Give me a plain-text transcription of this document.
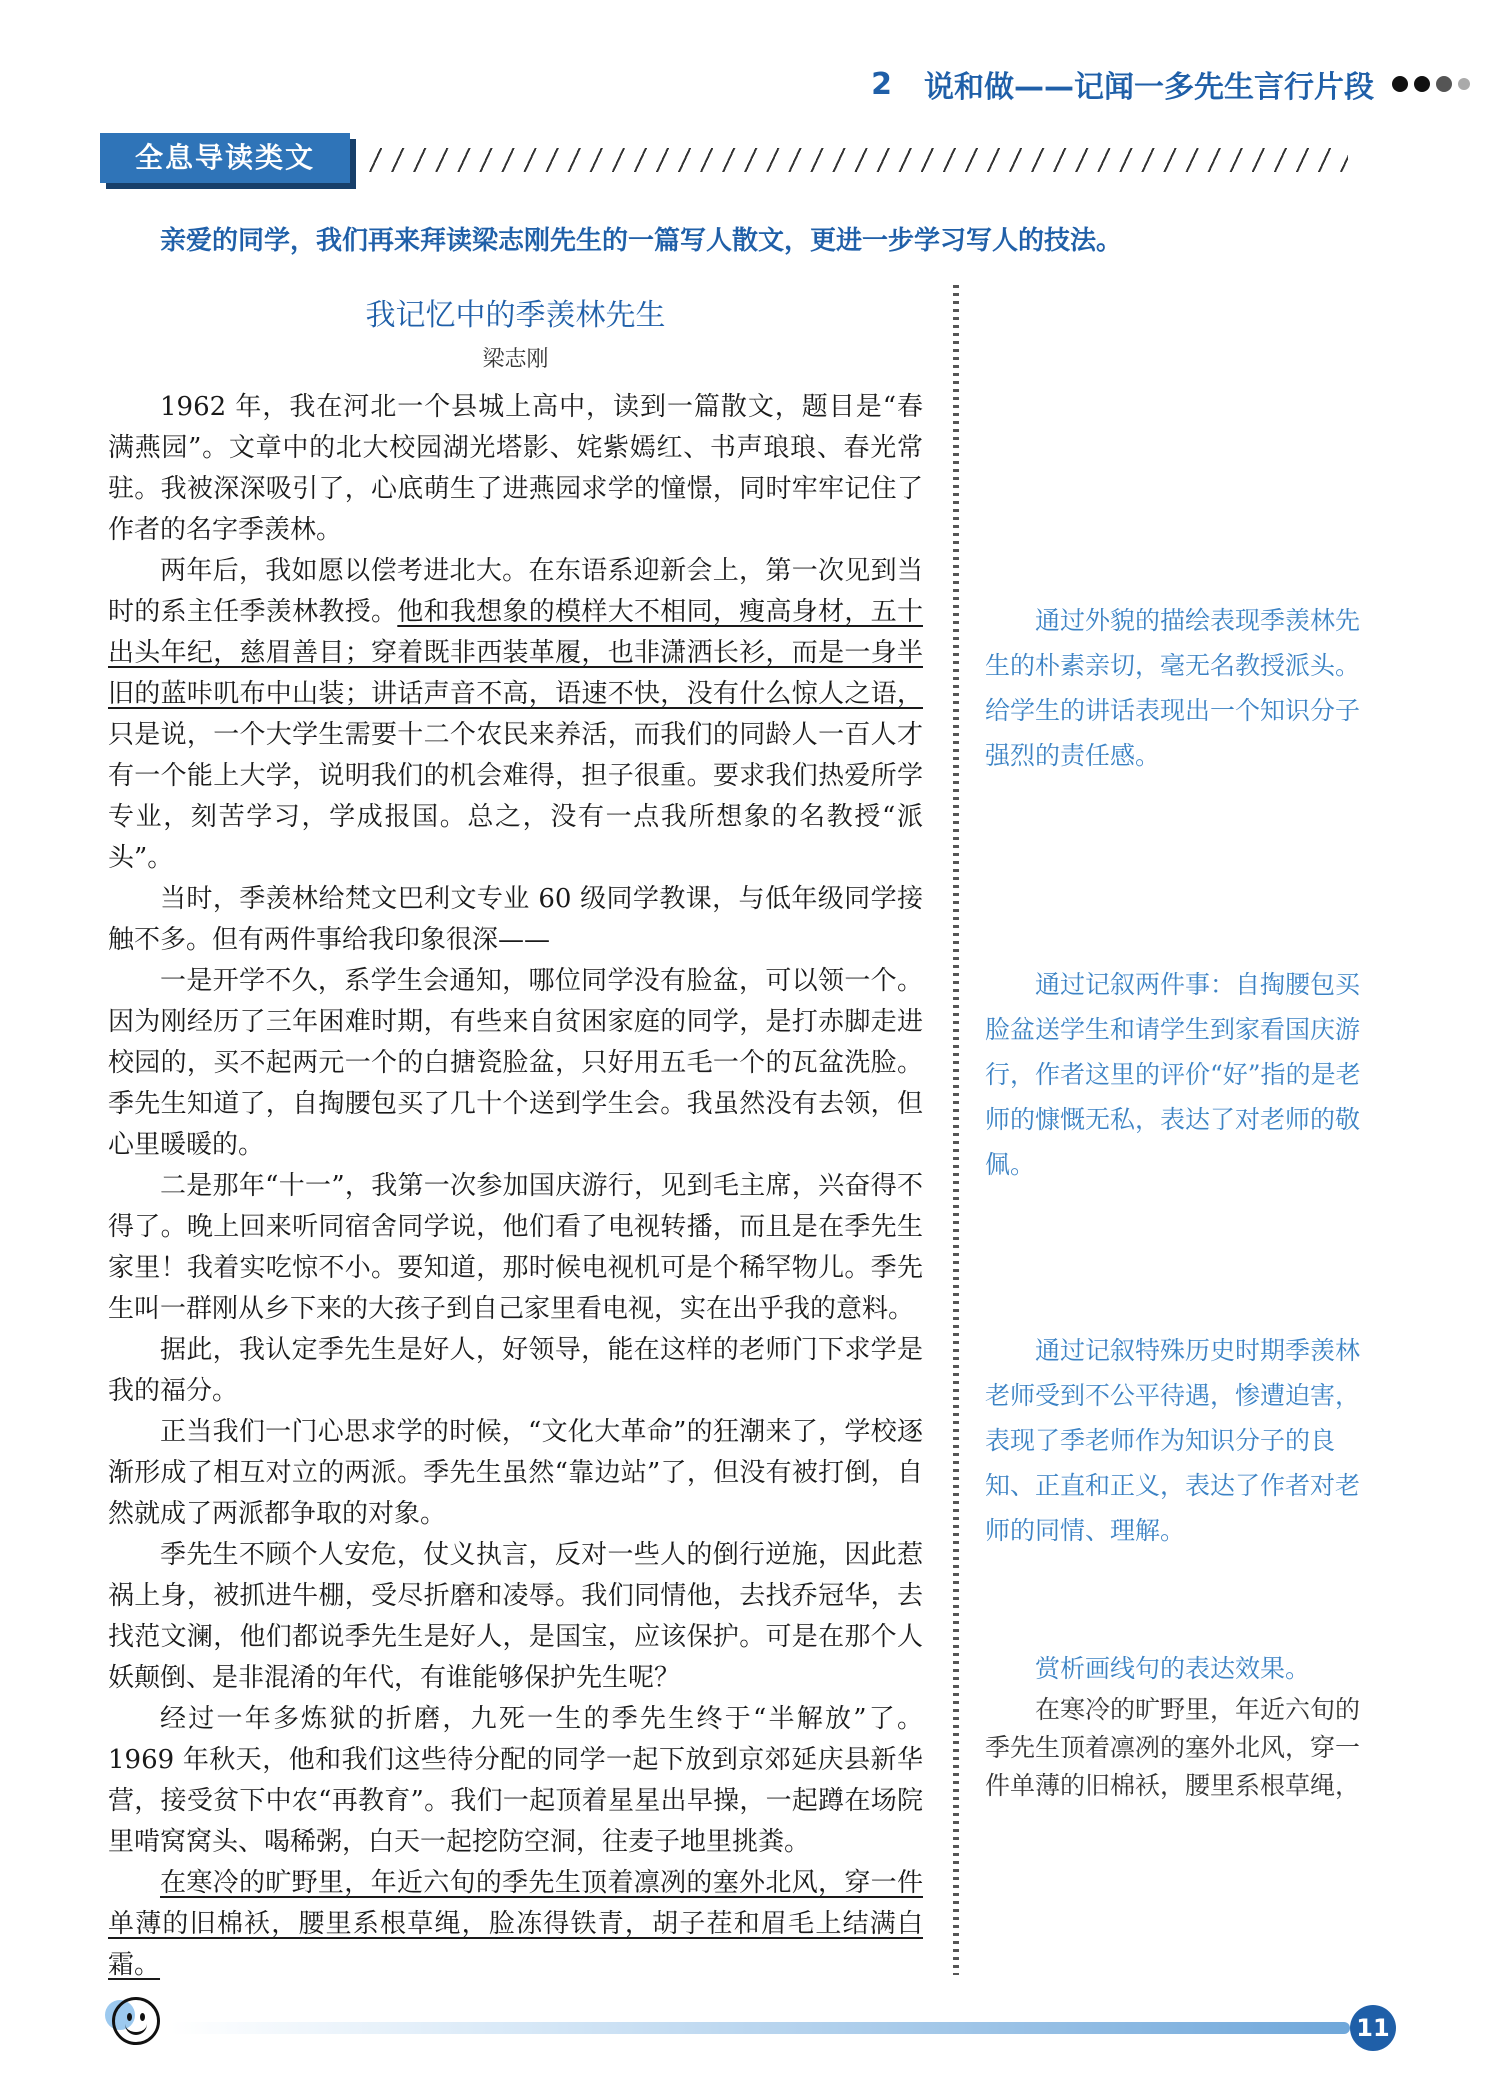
2 说和做——记闻一多先生言行片段
全息导读类文
亲爱的同学，我们再来拜读梁志刚先生的一篇写人散文，更进一步学习写人的技法。
我记忆中的季羡林先生
梁志刚

1962 年，我在河北一个县城上高中，读到一篇散文，题目是“春满燕园”。文章中的北大校园湖光塔影、姹紫嫣红、书声琅琅、春光常驻。我被深深吸引了，心底萌生了进燕园求学的憧憬，同时牢牢记住了作者的名字季羡林。

两年后，我如愿以偿考进北大。在东语系迎新会上，第一次见到当时的系主任季羡林教授。他和我想象的模样大不相同，瘦高身材，五十出头年纪，慈眉善目；穿着既非西装革履，也非潇洒长衫，而是一身半旧的蓝咔叽布中山装；讲话声音不高，语速不快，没有什么惊人之语，只是说，一个大学生需要十二个农民来养活，而我们的同龄人一百人才有一个能上大学，说明我们的机会难得，担子很重。要求我们热爱所学专业，刻苦学习，学成报国。总之，没有一点我所想象的名教授“派头”。

当时，季羡林给梵文巴利文专业 60 级同学教课，与低年级同学接触不多。但有两件事给我印象很深——

一是开学不久，系学生会通知，哪位同学没有脸盆，可以领一个。因为刚经历了三年困难时期，有些来自贫困家庭的同学，是打赤脚走进校园的，买不起两元一个的白搪瓷脸盆，只好用五毛一个的瓦盆洗脸。季先生知道了，自掏腰包买了几十个送到学生会。我虽然没有去领，但心里暖暖的。

二是那年“十一”，我第一次参加国庆游行，见到毛主席，兴奋得不得了。晚上回来听同宿舍同学说，他们看了电视转播，而且是在季先生家里！我着实吃惊不小。要知道，那时候电视机可是个稀罕物儿。季先生叫一群刚从乡下来的大孩子到自己家里看电视，实在出乎我的意料。

据此，我认定季先生是好人，好领导，能在这样的老师门下求学是我的福分。

正当我们一门心思求学的时候，“文化大革命”的狂潮来了，学校逐渐形成了相互对立的两派。季先生虽然“靠边站”了，但没有被打倒，自然就成了两派都争取的对象。

季先生不顾个人安危，仗义执言，反对一些人的倒行逆施，因此惹祸上身，被抓进牛棚，受尽折磨和凌辱。我们同情他，去找乔冠华，去找范文澜，他们都说季先生是好人，是国宝，应该保护。可是在那个人妖颠倒、是非混淆的年代，有谁能够保护先生呢？

经过一年多炼狱的折磨，九死一生的季先生终于“半解放”了。1969 年秋天，他和我们这些待分配的同学一起下放到京郊延庆县新华营，接受贫下中农“再教育”。我们一起顶着星星出早操，一起蹲在场院里啃窝窝头、喝稀粥，白天一起挖防空洞，往麦子地里挑粪。

在寒冷的旷野里，年近六旬的季先生顶着凛冽的塞外北风，穿一件单薄的旧棉袄，腰里系根草绳，脸冻得铁青，胡子茬和眉毛上结满白霜。

通过外貌的描绘表现季羡林先生的朴素亲切，毫无名教授派头。给学生的讲话表现出一个知识分子强烈的责任感。

通过记叙两件事：自掏腰包买脸盆送学生和请学生到家看国庆游行，作者这里的评价“好”指的是老师的慷慨无私，表达了对老师的敬佩。

通过记叙特殊历史时期季羡林老师受到不公平待遇，惨遭迫害，表现了季老师作为知识分子的良知、正直和正义，表达了作者对老师的同情、理解。

赏析画线句的表达效果。

在寒冷的旷野里，年近六旬的季先生顶着凛冽的塞外北风，穿一件单薄的旧棉袄，腰里系根草绳，

11
